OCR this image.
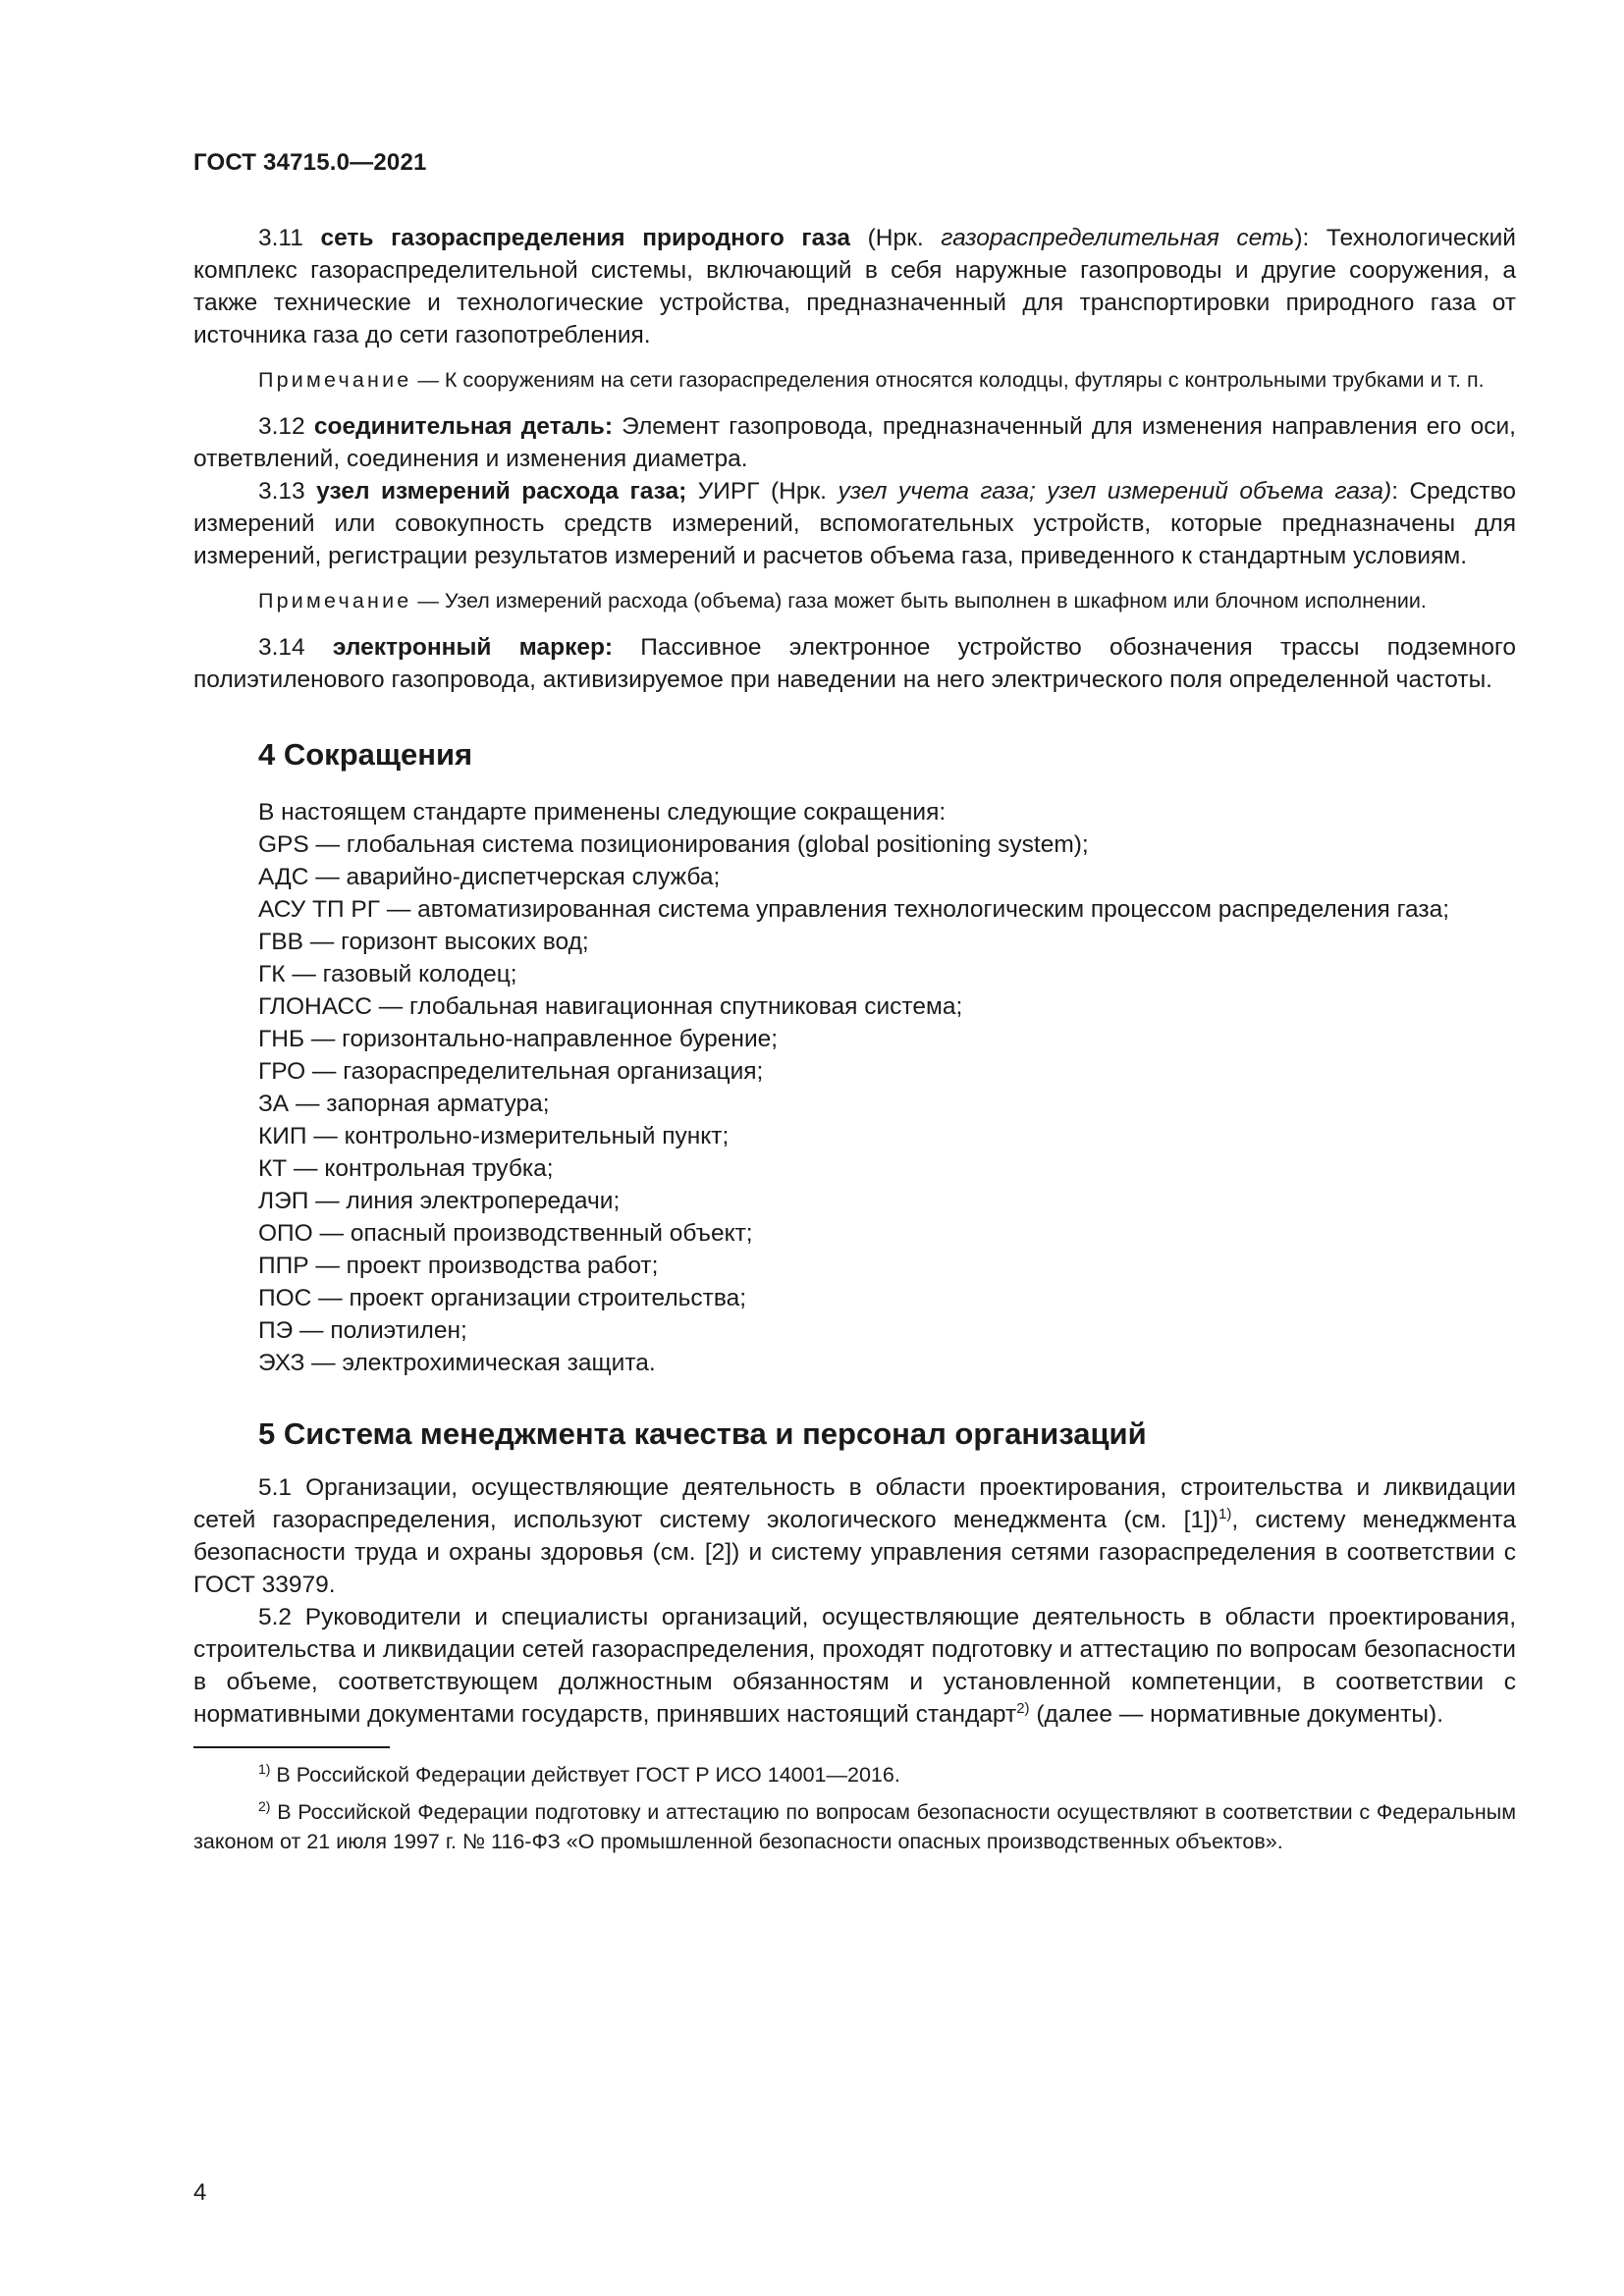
ГОСТ 34715.0—2021

3.11 сеть газораспределения природного газа (Нрк. газораспределительная сеть): Технологический комплекс газораспределительной системы, включающий в себя наружные газопроводы и другие сооружения, а также технические и технологические устройства, предназначенный для транспортировки природного газа от источника газа до сети газопотребления.

Примечание — К сооружениям на сети газораспределения относятся колодцы, футляры с контрольными трубками и т. п.

3.12 соединительная деталь: Элемент газопровода, предназначенный для изменения направления его оси, ответвлений, соединения и изменения диаметра.

3.13 узел измерений расхода газа; УИРГ (Нрк. узел учета газа; узел измерений объема газа): Средство измерений или совокупность средств измерений, вспомогательных устройств, которые предназначены для измерений, регистрации результатов измерений и расчетов объема газа, приведенного к стандартным условиям.

Примечание — Узел измерений расхода (объема) газа может быть выполнен в шкафном или блочном исполнении.

3.14 электронный маркер: Пассивное электронное устройство обозначения трассы подземного полиэтиленового газопровода, активизируемое при наведении на него электрического поля определенной частоты.

4 Сокращения

В настоящем стандарте применены следующие сокращения:

GPS — глобальная система позиционирования (global positioning system);

АДС — аварийно-диспетчерская служба;

АСУ ТП РГ — автоматизированная система управления технологическим процессом распределения газа;

ГВВ — горизонт высоких вод;

ГК — газовый колодец;

ГЛОНАСС — глобальная навигационная спутниковая система;

ГНБ — горизонтально-направленное бурение;

ГРО — газораспределительная организация;

ЗА — запорная арматура;

КИП — контрольно-измерительный пункт;

КТ — контрольная трубка;

ЛЭП — линия электропередачи;

ОПО — опасный производственный объект;

ППР — проект производства работ;

ПОС — проект организации строительства;

ПЭ — полиэтилен;

ЭХЗ — электрохимическая защита.

5 Система менеджмента качества и персонал организаций

5.1 Организации, осуществляющие деятельность в области проектирования, строительства и ликвидации сетей газораспределения, используют систему экологического менеджмента (см. [1])$^{1)}$, систему менеджмента безопасности труда и охраны здоровья (см. [2]) и систему управления сетями газораспределения в соответствии с ГОСТ 33979.

5.2 Руководители и специалисты организаций, осуществляющие деятельность в области проектирования, строительства и ликвидации сетей газораспределения, проходят подготовку и аттестацию по вопросам безопасности в объеме, соответствующем должностным обязанностям и установленной компетенции, в соответствии с нормативными документами государств, принявших настоящий стандарт$^{2)}$ (далее — нормативные документы).

$^{1)}$ В Российской Федерации действует ГОСТ Р ИСО 14001—2016.

$^{2)}$ В Российской Федерации подготовку и аттестацию по вопросам безопасности осуществляют в соответствии с Федеральным законом от 21 июля 1997 г. № 116-ФЗ «О промышленной безопасности опасных производственных объектов».

4
